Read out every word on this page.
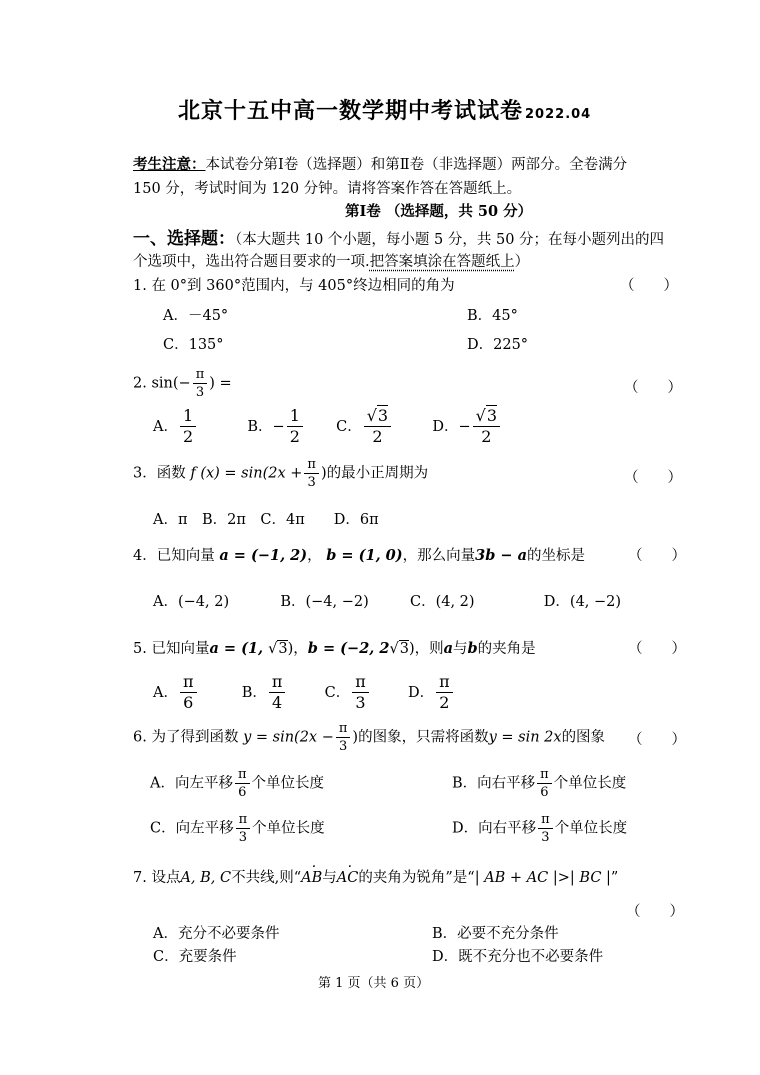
北京十五中高一数学期中考试试卷 2022.04
考生注意：本试卷分第Ⅰ卷（选择题）和第Ⅱ卷（非选择题）两部分。全卷满分
150 分，考试时间为 120 分钟。请将答案作答在答题纸上。
第Ⅰ卷 （选择题，共 50 分）
一、选择题：（本大题共 10 个小题，每小题 5 分，共 50 分；在每小题列出的四
个选项中，选出符合题目要求的一项.把答案填涂在答题纸上）
1. 在 0°到 360°范围内，与 405°终边相同的角为	（　　）
A．－45°	B．45°
C．135°	D．225°
2. $\sin(- \frac{\pi}{3}$ ) =	（　　）
A． $\frac{1}{2}$	B．− $\frac{1}{2}$ C． $\frac{√3}{2}$	D．− $\frac{√3}{2}$
3．函数 f $(x) = \sin(2x + \frac{\pi}{3}$ )的最小正周期为	（　　）
A．π　B．2π　C．4π　　D．6π
4．已知向量 a = (−1, 2)， b = (1, 0)，那么向量3b − a的坐标是	（　　）
A．(−4, 2)	B．(−4, −2)	C．(4, 2)	D．(4, −2)
5. 已知向量a = (1, √3)，b = (−2, 2√3)，则a与b的夹角是	（　　）
A． $\frac{\pi}{6}$	B． $\frac{\pi}{4}$	C． $\frac{\pi}{3}$	D． $\frac{\pi}{2}$
6. 为了得到函数 $y = \sin(2x - \frac{\pi}{3}$ )的图象，只需将函数y = sin 2x的图象 （　　）
A．向左平移 $\frac{\pi}{6}$ 个单位长度	B．向右平移 $\frac{\pi}{6}$ 个单位长度
C．向左平移 $\frac{\pi}{3}$ 个单位长度	D．向右平移 $\frac{\pi}{3}$ 个单位长度
7. 设点A, B, C不共线,则“· AB与· AC的夹角为锐角”是“| AB + AC |>| BC |”
（　　）
A．充分不必要条件	B．必要不充分条件
C．充要条件	D．既不充分也不必要条件
第 1 页（共 6 页）
